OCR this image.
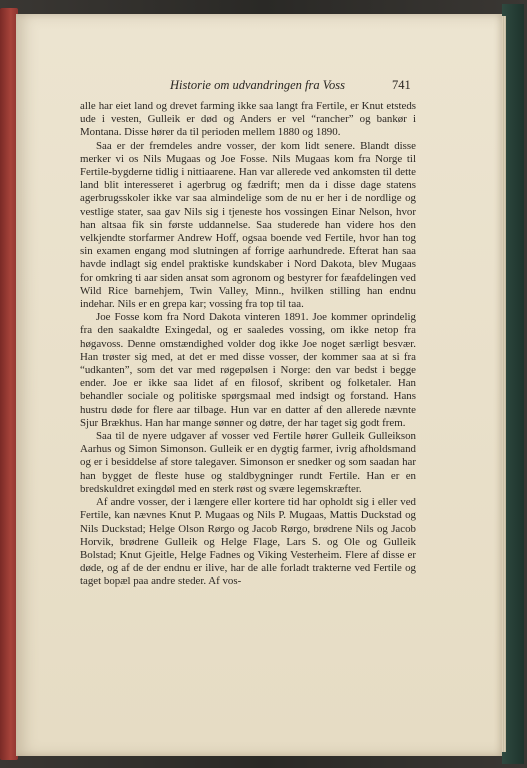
Historie om udvandringen fra Voss	741

alle har eiet land og drevet farming ikke saa langt fra Fertile, er Knut etsteds ude i vesten, Gulleik er død og Anders er vel “rancher” og bankør i Montana. Disse hører da til perioden mellem 1880 og 1890.

Saa er der fremdeles andre vosser, der kom lidt senere. Blandt disse merker vi os Nils Mugaas og Joe Fosse. Nils Mugaas kom fra Norge til Fertile-bygderne tidlig i nittiaarene. Han var allerede ved ankomsten til dette land blit interesseret i agerbrug og fædrift; men da i disse dage statens agerbrugsskoler ikke var saa almindelige som de nu er her i de nordlige og vestlige stater, saa gav Nils sig i tjeneste hos vossingen Einar Nelson, hvor han altsaa fik sin første uddannelse. Saa studerede han videre hos den velkjendte storfarmer Andrew Hoff, ogsaa boende ved Fertile, hvor han tog sin examen engang mod slutningen af forrige aarhundrede. Efterat han saa havde indlagt sig endel praktiske kundskaber i Nord Dakota, blev Mugaas for omkring ti aar siden ansat som agronom og bestyrer for fæafdelingen ved Wild Rice barnehjem, Twin Valley, Minn., hvilken stilling han endnu indehar. Nils er en grepa kar; vossing fra top til taa.

Joe Fosse kom fra Nord Dakota vinteren 1891. Joe kommer oprindelig fra den saakaldte Exingedal, og er saaledes vossing, om ikke netop fra høgavoss. Denne omstændighed volder dog ikke Joe noget særligt besvær. Han trøster sig med, at det er med disse vosser, der kommer saa at si fra “udkanten”, som det var med røgepølsen i Norge: den var bedst i begge ender. Joe er ikke saa lidet af en filosof, skribent og folketaler. Han behandler sociale og politiske spørgsmaal med indsigt og forstand. Hans hustru døde for flere aar tilbage. Hun var en datter af den allerede nævnte Sjur Brækhus. Han har mange sønner og døtre, der har taget sig godt frem.

Saa til de nyere udgaver af vosser ved Fertile hører Gulleik Gulleikson Aarhus og Simon Simonson. Gulleik er en dygtig farmer, ivrig afholdsmand og er i besiddelse af store talegaver. Simonson er snedker og som saadan har han bygget de fleste huse og staldbygninger rundt Fertile. Han er en bredskuldret exingdøl med en sterk røst og svære legemskræfter.

Af andre vosser, der i længere eller kortere tid har opholdt sig i eller ved Fertile, kan nævnes Knut P. Mugaas og Nils P. Mugaas, Mattis Duckstad og Nils Duckstad; Helge Olson Rørgo og Jacob Rørgo, brødrene Nils og Jacob Horvik, brødrene Gulleik og Helge Flage, Lars S. og Ole og Gulleik Bolstad; Knut Gjeitle, Helge Fadnes og Viking Vesterheim. Flere af disse er døde, og af de der endnu er ilive, har de alle forladt trakterne ved Fertile og taget bopæl paa andre steder. Af vos-
